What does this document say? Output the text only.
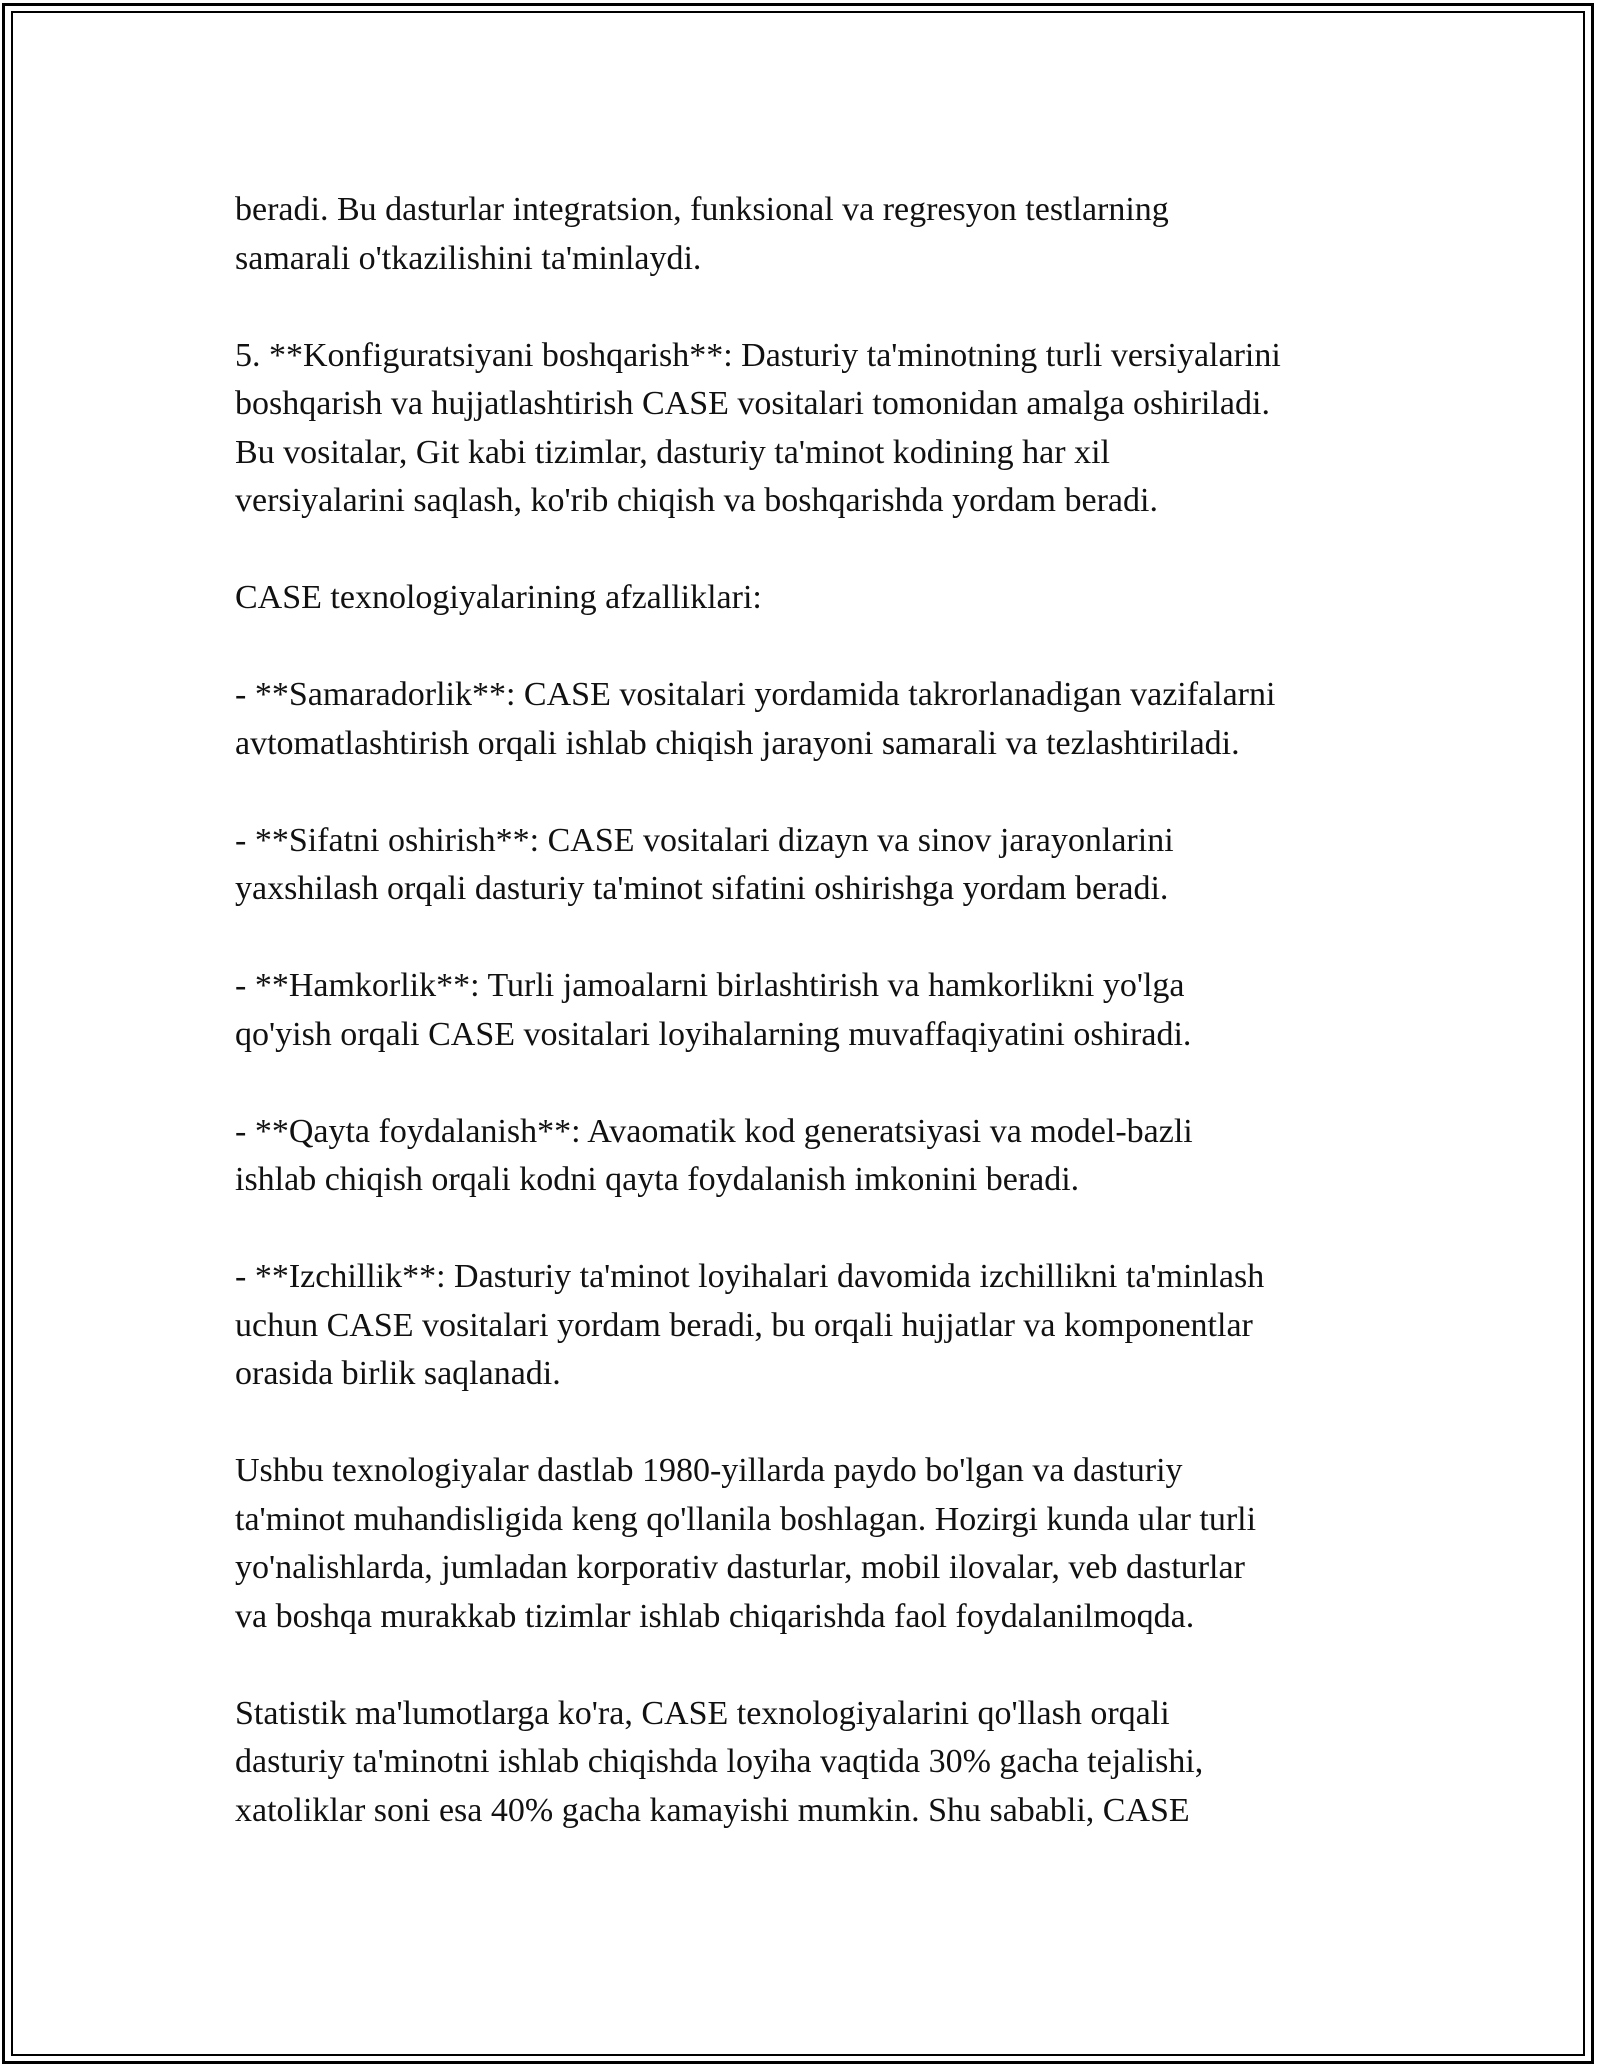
beradi. Bu dasturlar integratsion, funksional va regresyon testlarning
samarali o'tkazilishini ta'minlaydi.

5. **Konfiguratsiyani boshqarish**: Dasturiy ta'minotning turli versiyalarini
boshqarish va hujjatlashtirish CASE vositalari tomonidan amalga oshiriladi.
Bu vositalar, Git kabi tizimlar, dasturiy ta'minot kodining har xil
versiyalarini saqlash, ko'rib chiqish va boshqarishda yordam beradi.

CASE texnologiyalarining afzalliklari:

- **Samaradorlik**: CASE vositalari yordamida takrorlanadigan vazifalarni
avtomatlashtirish orqali ishlab chiqish jarayoni samarali va tezlashtiriladi.

- **Sifatni oshirish**: CASE vositalari dizayn va sinov jarayonlarini
yaxshilash orqali dasturiy ta'minot sifatini oshirishga yordam beradi.

- **Hamkorlik**: Turli jamoalarni birlashtirish va hamkorlikni yo'lga
qo'yish orqali CASE vositalari loyihalarning muvaffaqiyatini oshiradi.

- **Qayta foydalanish**: Avaomatik kod generatsiyasi va model-bazli
ishlab chiqish orqali kodni qayta foydalanish imkonini beradi.

- **Izchillik**: Dasturiy ta'minot loyihalari davomida izchillikni ta'minlash
uchun CASE vositalari yordam beradi, bu orqali hujjatlar va komponentlar
orasida birlik saqlanadi.

Ushbu texnologiyalar dastlab 1980-yillarda paydo bo'lgan va dasturiy
ta'minot muhandisligida keng qo'llanila boshlagan. Hozirgi kunda ular turli
yo'nalishlarda, jumladan korporativ dasturlar, mobil ilovalar, veb dasturlar
va boshqa murakkab tizimlar ishlab chiqarishda faol foydalanilmoqda.

Statistik ma'lumotlarga ko'ra, CASE texnologiyalarini qo'llash orqali
dasturiy ta'minotni ishlab chiqishda loyiha vaqtida 30% gacha tejalishi,
xatoliklar soni esa 40% gacha kamayishi mumkin. Shu sababli, CASE
